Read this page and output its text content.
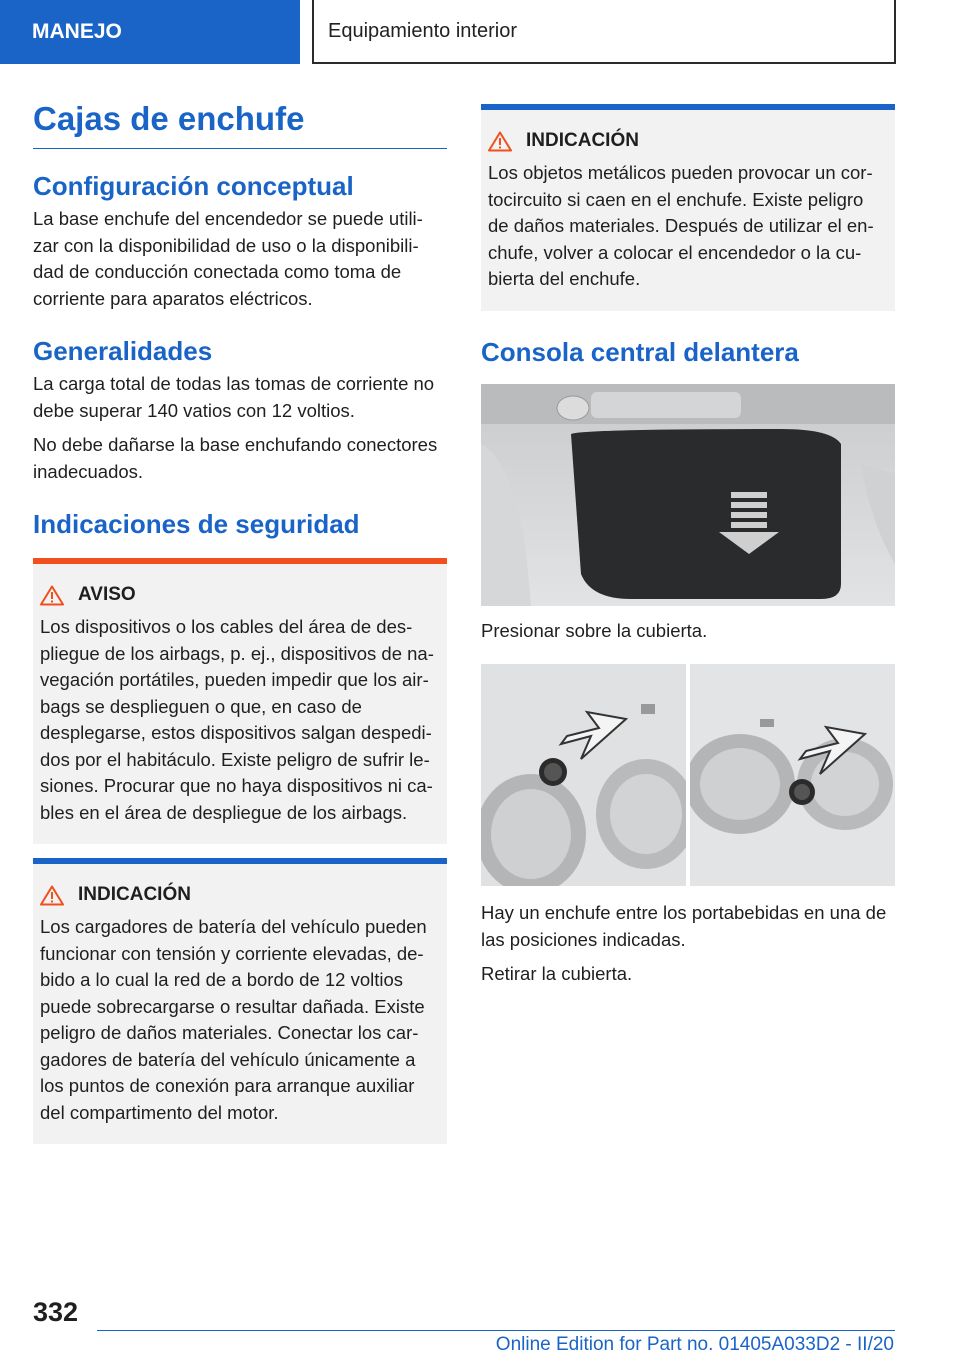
MANEJO	Equipamiento interior
Cajas de enchufe
Configuración conceptual

La base enchufe del encendedor se puede utili-zar con la disponibilidad de uso o la disponibili-dad de conducción conectada como toma de corriente para aparatos eléctricos.

Generalidades

La carga total de todas las tomas de corriente no debe superar 140 vatios con 12 voltios.

No debe dañarse la base enchufando conectores inadecuados.

Indicaciones de seguridad
AVISO

Los dispositivos o los cables del área de des-pliegue de los airbags, p. ej., dispositivos de na-vegación portátiles, pueden impedir que los air-bags se desplieguen o que, en caso de desplegarse, estos dispositivos salgan despedi-dos por el habitáculo. Existe peligro de sufrir le-siones. Procurar que no haya dispositivos ni ca-bles en el área de despliegue de los airbags.

INDICACIÓN

Los cargadores de batería del vehículo pueden funcionar con tensión y corriente elevadas, de-bido a lo cual la red de a bordo de 12 voltios puede sobrecargarse o resultar dañada. Existe peligro de daños materiales. Conectar los car-gadores de batería del vehículo únicamente a los puntos de conexión para arranque auxiliar del compartimento del motor.

INDICACIÓN

Los objetos metálicos pueden provocar un cor-tocircuito si caen en el enchufe. Existe peligro de daños materiales. Después de utilizar el en-chufe, volver a colocar el encendedor o la cu-bierta del enchufe.

Consola central delantera

Presionar sobre la cubierta.

Hay un enchufe entre los portabebidas en una de las posiciones indicadas.

Retirar la cubierta.

332
Online Edition for Part no. 01405A033D2 - II/20
